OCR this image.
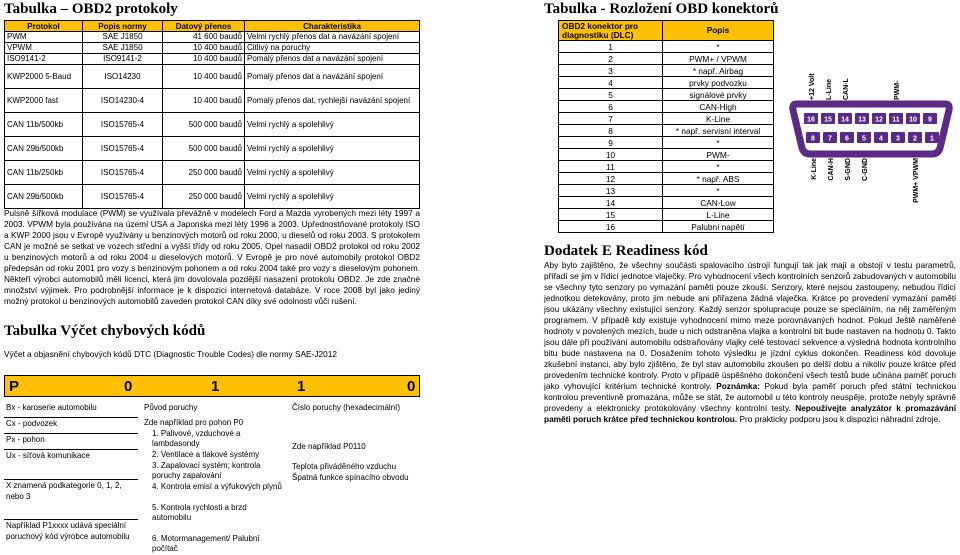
Tabulka – OBD2 protokoly
Protokol	Popis normy	Datový přenos	Charakteristika
PWM	SAE J1850	41 600 baudů	Velmi rychlý přenos dat a navázání spojení
VPWM	SAE J1850	10 400 baudů	Citlivý na poruchy
ISO9141-2	ISO9141-2	10 400 baudů	Pomalý přenos dat a navázání spojení
KWP2000 5-Baud	ISO14230	10 400 baudů	Pomalý přenos dat a navázání spojení
KWP2000 fast	ISO14230-4	10 400 baudů	Pomalý přenos dat, rychlejší navázání spojení
CAN 11b/500kb	ISO15765-4	500 000 baudů	Velmi rychlý a spolehlivý
CAN 29b/500kb	ISO15765-4	500 000 baudů	Velmi rychlý a spolehlivý
CAN 11b/250kb	ISO15765-4	250 000 baudů	Velmi rychlý a spolehlivý
CAN 29b/500kb	ISO15765-4	250 000 baudů	Velmi rychlý a spolehlivý
Pulsně šířková modulace (PWM) se využívala převážně v modelech Ford a Mazda vyrobených mezi léty 1997 a 2003. VPWM byla používána na území USA a Japonska mezi léty 1996 a 2003. Upřednostňované protokoly ISO a KWP 2000 jsou v Evropě využívány u benzinových motorů od roku 2000, u dieselů od roku 2003. S protokolem CAN je možné se setkat ve vozech střední a vyšší třídy od roku 2005. Opel nasadil OBD2 protokol od roku 2002 u benzinových motorů a od roku 2004 u dieselových motorů. V Evropě je pro nové automobily protokol OBD2 předepsán od roku 2001 pro vozy s benzinovým pohonem a od roku 2004 také pro vozy s dieselovým pohonem. Někteří výrobci automobilů měli licenci, která jim dovolovala pozdější nasazení protokolu OBD2. Je zde značné množství výjimek. Pro podrobnější informace je k dispozici internetová databáze. V roce 2008 byl jako jediný možný protokol u benzinových automobilů zaveden protokol CAN díky své odolnosti vůči rušení.
Tabulka Výčet chybových kódů
Výčet a objasnění chybových kódů DTC (Diagnostic Trouble Codes) dle normy SAE-J2012
P	0	1	1	0
Bx - karoserie automobilu
Cx - podvozek
Px - pohon
Ux - síťová komunikace
X znamená podkategorie 0, 1, 2, nebo 3
Například P1xxxx udává speciální poruchový kód výrobce automobilu
Původ poruchy
Zde například pro pohon P0
1. Palivové, vzduchové a lambdasondy
2. Ventilace a tlakové systémy
3. Zapalovací systém; kontrola poruchy zapalování
4. Kontrola emisí a výfukových plynů
5. Kontrola rychlosti a brzd automobilu
6. Motormanagement/ Palubní počítač
Číslo poruchy (hexadecimální)
Zde například P0110
Teplota přiváděného vzduchu Špatná funkce spínacího obvodu
Tabulka - Rozložení OBD konektorů
OBD2 konektor pro diagnostiku (DLC)	Popis
1	*
2	PWM+ / VPWM
3	* např. Airbag
4	prvky podvozku
5	signálové prvky
6	CAN-High
7	K-Line
8	* např. servisní interval
9	*
10	PWM-
11	*
12	* např. ABS
13	*
14	CAN-Low
15	L-Line
16	Palubní napětí
+12 Volt L-Line CAN-L	PWM-
16 15 14 13 12 11 10 9
8 7 6 5 4 3 2 1
K-Line CAN-H S-GND C-GND	PWM+ VPWM
Dodatek E Readiness kód
Aby bylo zajištěno, že všechny součásti spalovacího ústrojí fungují tak jak mají a obstojí v testu parametrů, přiřadí se jim v řídicí jednotce vlaječky. Pro vyhodnocení všech kontrolních senzorů zabudovaných v automobilu se všechny tyto senzory po vymazání paměti pouze zkouší. Senzory, které nejsou zastoupeny, nebudou řídicí jednotkou detekovány, proto jim nebude ani přiřazena žádná vlaječka. Krátce po provedení vymazání paměti jsou ukázány všechny existující senzory. Každý senzor spolupracuje pouze se speciálním, na něj zaměřeným programem. V případě kdy existuje vyhodnocení mimo meze porovnávaných hodnot. Pokud Ještě naměřené hodnoty v povolených mezích, bude u nich odstraněna vlajka a kontrolní bit bude nastaven na hodnotu 0. Takto jsou dále při používání automobilu odstraňovány vlajky celé testovací sekvence a výsledná hodnota kontrolního bitu bude nastavena na 0. Dosažením tohoto výsledku je jízdní cyklus dokončen. Readiness kód dovoluje zkušební instanci, aby bylo zjištěno, že byl stav automobilu zkoušen po delší dobu a nikoliv pouze krátce před provedením technické kontroly. Proto v případě úspěšného dokončení všech testů bude učinána paměť poruch jako vyhovující kritérium technické kontroly. Poznámka: Pokud byla paměť poruch před státní technickou kontrolou preventivně promazána, může se stát, že automobil u této kontroly neuspěje, protože nebyly správně provedeny a elektronicky protokolovány všechny kontrolní testy. Nepoužívejte analyzátor k promazávání paměti poruch krátce před technickou kontrolou. Pro prakticky podporu jsou k dispozici náhradní zdroje.
